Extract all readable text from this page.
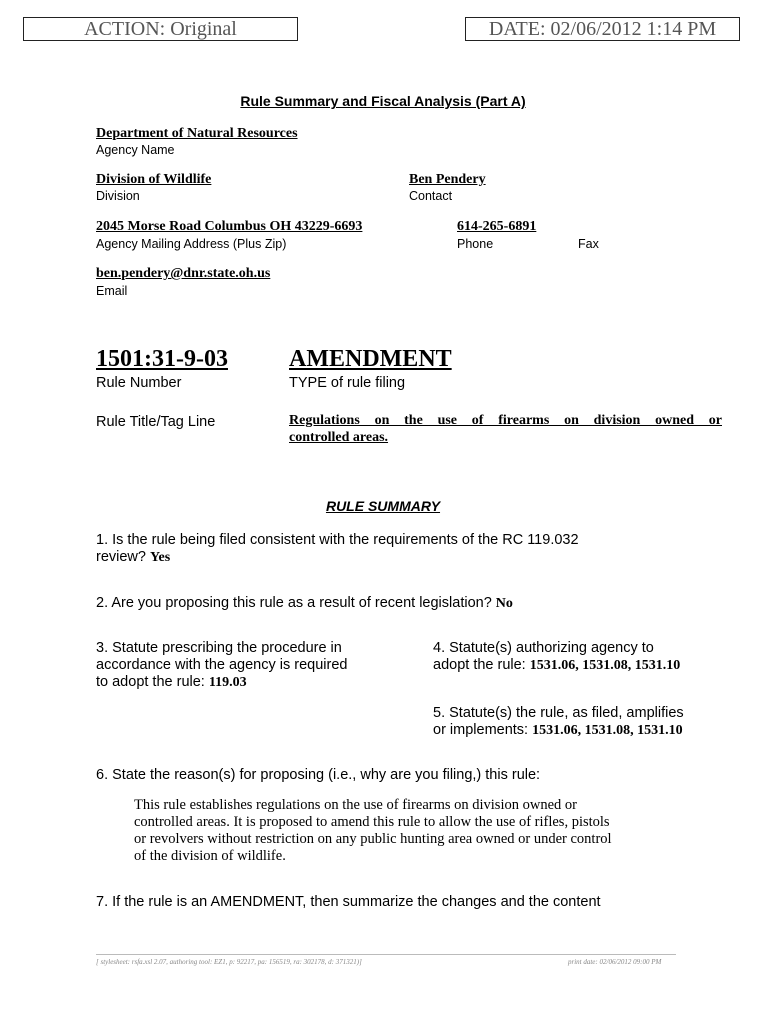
ACTION: Original	DATE: 02/06/2012 1:14 PM
Rule Summary and Fiscal Analysis (Part A)
Department of Natural Resources
Agency Name
Division of Wildlife
Division
Ben Pendery
Contact
2045 Morse Road Columbus OH 43229-6693
Agency Mailing Address (Plus Zip)
614-265-6891
Phone	Fax
ben.pendery@dnr.state.oh.us
Email
1501:31-9-03
Rule Number
AMENDMENT
TYPE of rule filing
Rule Title/Tag Line	Regulations on the use of firearms on division owned or
controlled areas.
RULE SUMMARY
1. Is the rule being filed consistent with the requirements of the RC 119.032
review? Yes
2. Are you proposing this rule as a result of recent legislation? No
3. Statute prescribing the procedure in
accordance with the agency is required
to adopt the rule: 119.03
4. Statute(s) authorizing agency to
adopt the rule: 1531.06, 1531.08, 1531.10
5. Statute(s) the rule, as filed, amplifies
or implements: 1531.06, 1531.08, 1531.10
6. State the reason(s) for proposing (i.e., why are you filing,) this rule:
This rule establishes regulations on the use of firearms on division owned or
controlled areas. It is proposed to amend this rule to allow the use of rifles, pistols
or revolvers without restriction on any public hunting area owned or under control
of the division of wildlife.
7. If the rule is an AMENDMENT, then summarize the changes and the content
[ stylesheet: rsfa.xsl 2.07, authoring tool: EZ1, p: 92217, pa: 156519, ra: 302178, d: 371321)]	print date: 02/06/2012 09:00 PM
